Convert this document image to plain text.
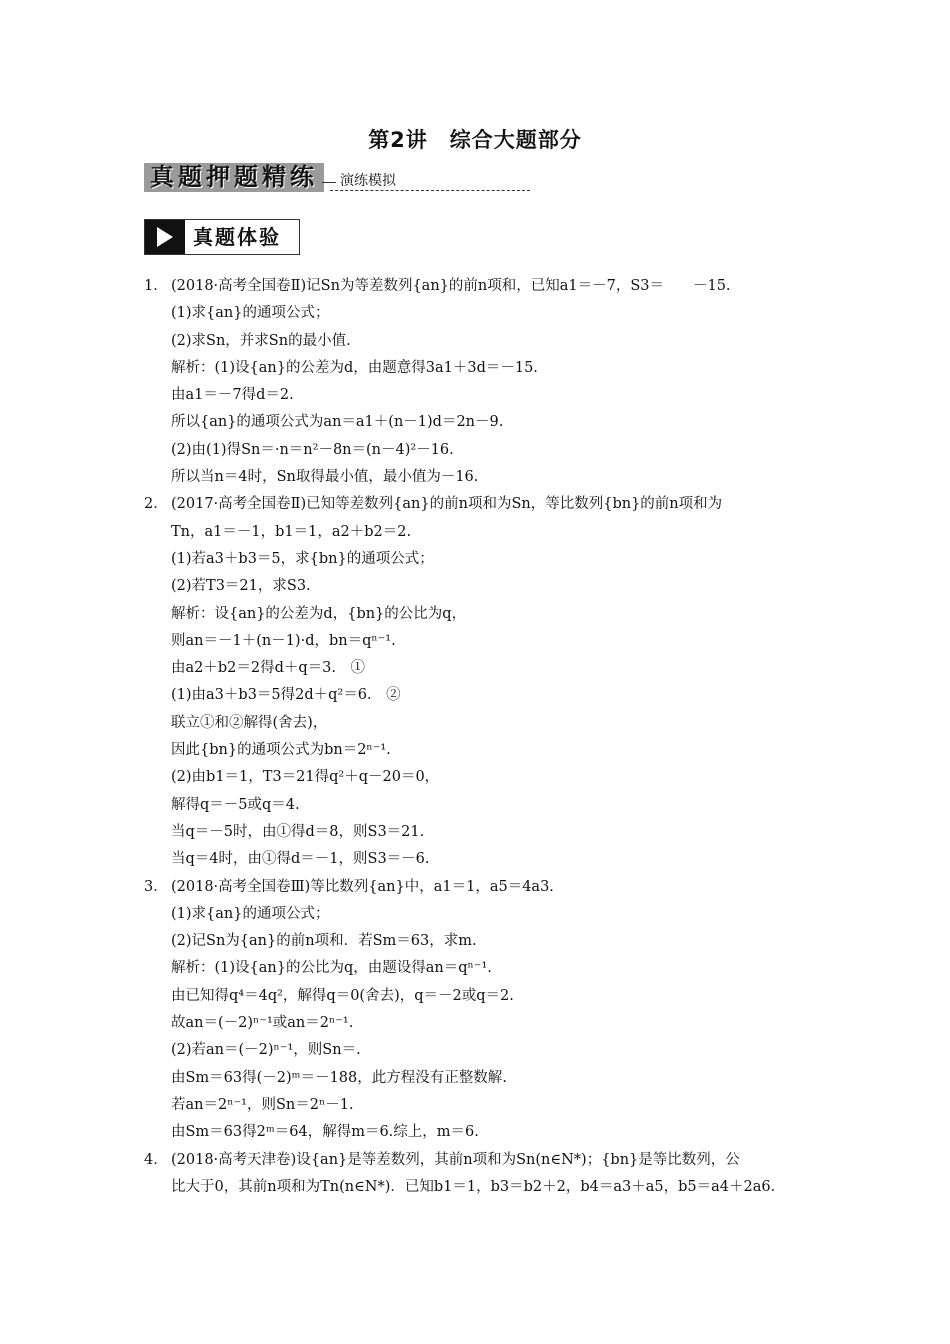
第2讲　综合大题部分
真题押题精练	演练模拟
真题体验
1． (2018·高考全国卷Ⅱ)记Sn为等差数列{an}的前n项和，已知a1＝－7，S3＝　　－15.
(1)求{an}的通项公式；
(2)求Sn，并求Sn的最小值.
解析：(1)设{an}的公差为d，由题意得3a1＋3d＝－15.
由a1＝－7得d＝2.
所以{an}的通项公式为an＝a1＋(n－1)d＝2n－9.
(2)由(1)得Sn＝·n＝n²－8n＝(n－4)²－16.
所以当n＝4时，Sn取得最小值，最小值为－16.
2． (2017·高考全国卷Ⅱ)已知等差数列{an}的前n项和为Sn，等比数列{bn}的前n项和为
Tn，a1＝－1，b1＝1，a2＋b2＝2.
(1)若a3＋b3＝5，求{bn}的通项公式；
(2)若T3＝21，求S3.
解析：设{an}的公差为d，{bn}的公比为q，
则an＝－1＋(n－1)·d，bn＝qⁿ⁻¹.
由a2＋b2＝2得d＋q＝3.　①
(1)由a3＋b3＝5得2d＋q²＝6.　②
联立①和②解得(舍去)，
因此{bn}的通项公式为bn＝2ⁿ⁻¹.
(2)由b1＝1，T3＝21得q²＋q－20＝0，
解得q＝－5或q＝4.
当q＝－5时，由①得d＝8，则S3＝21.
当q＝4时，由①得d＝－1，则S3＝－6.
3． (2018·高考全国卷Ⅲ)等比数列{an}中，a1＝1，a5＝4a3.
(1)求{an}的通项公式；
(2)记Sn为{an}的前n项和．若Sm＝63，求m.
解析：(1)设{an}的公比为q，由题设得an＝qⁿ⁻¹.
由已知得q⁴＝4q²，解得q＝0(舍去)，q＝－2或q＝2.
故an＝(－2)ⁿ⁻¹或an＝2ⁿ⁻¹.
(2)若an＝(－2)ⁿ⁻¹，则Sn＝.
由Sm＝63得(－2)ᵐ＝－188，此方程没有正整数解.
若an＝2ⁿ⁻¹，则Sn＝2ⁿ－1.
由Sm＝63得2ᵐ＝64，解得m＝6.综上，m＝6.
4． (2018·高考天津卷)设{an}是等差数列，其前n项和为Sn(n∈N*)；{bn}是等比数列，公
比大于0，其前n项和为Tn(n∈N*)．已知b1＝1，b3＝b2＋2，b4＝a3＋a5，b5＝a4＋2a6.
